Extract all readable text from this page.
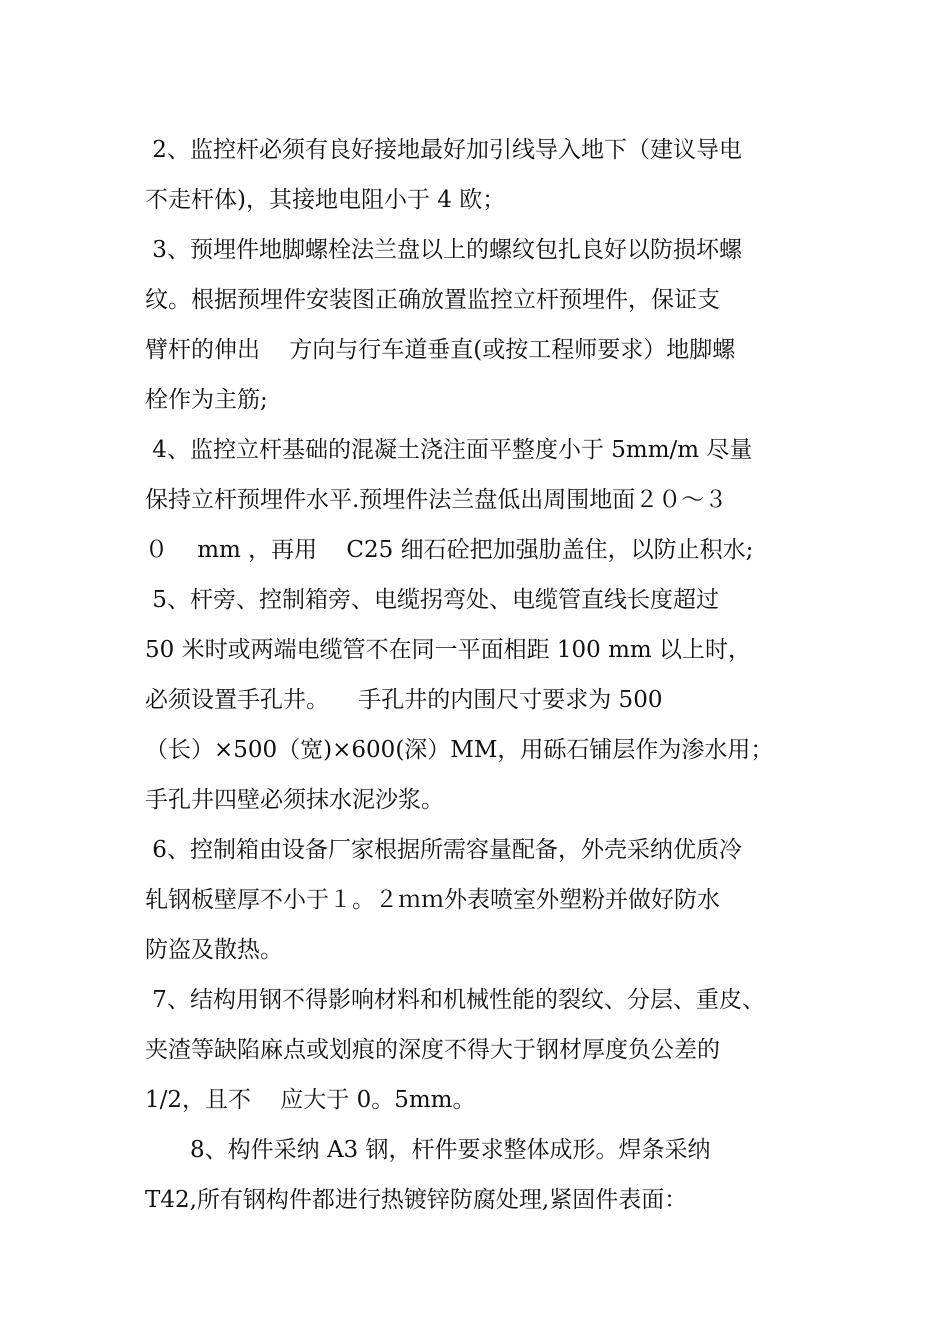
2、监控杆必须有良好接地最好加引线导入地下（建议导电
不走杆体)，其接地电阻小于 4 欧；
3、预埋件地脚螺栓法兰盘以上的螺纹包扎良好以防损坏螺
纹。根据预埋件安装图正确放置监控立杆预埋件，保证支
臂杆的伸出    方向与行车道垂直(或按工程师要求）地脚螺
栓作为主筋;
4、监控立杆基础的混凝土浇注面平整度小于 5mm/m 尽量
保持立杆预埋件水平.预埋件法兰盘低出周围地面２０～３
０    mm ，再用    C25 细石砼把加强肋盖住，以防止积水;
5、杆旁、控制箱旁、电缆拐弯处、电缆管直线长度超过
50 米时或两端电缆管不在同一平面相距 100 mm 以上时，
必须设置手孔井。    手孔井的内围尺寸要求为 500
（长）×500（宽)×600(深）MM，用砾石铺层作为渗水用；
手孔井四壁必须抹水泥沙浆。
6、控制箱由设备厂家根据所需容量配备，外壳采纳优质冷
轧钢板壁厚不小于１。２ｍｍ外表喷室外塑粉并做好防水
防盗及散热。
7、结构用钢不得影响材料和机械性能的裂纹、分层、重皮、
夹渣等缺陷麻点或划痕的深度不得大于钢材厚度负公差的
1/2，且不    应大于 0。5mm。
8、构件采纳 A3 钢，杆件要求整体成形。焊条采纳
T42,所有钢构件都进行热镀锌防腐处理,紧固件表面：
